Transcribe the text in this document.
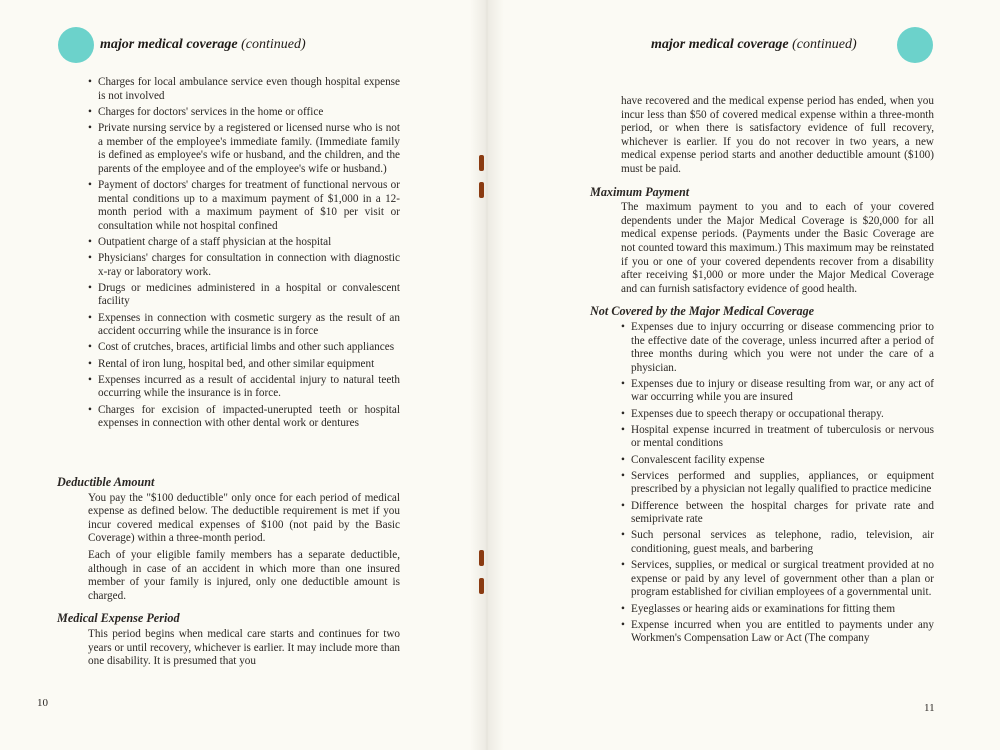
major medical coverage (continued)
• Charges for local ambulance service even though hospital expense is not involved
• Charges for doctors' services in the home or office
• Private nursing service by a registered or licensed nurse who is not a member of the employee's immediate family. (Immediate family is defined as employee's wife or husband, and the children, and the parents of the employee and of the employee's wife or husband.)
• Payment of doctors' charges for treatment of functional nervous or mental conditions up to a maximum payment of $1,000 in a 12-month period with a maximum payment of $10 per visit or consultation while not hospital confined
• Outpatient charge of a staff physician at the hospital
• Physicians' charges for consultation in connection with diagnostic x-ray or laboratory work.
• Drugs or medicines administered in a hospital or convalescent facility
• Expenses in connection with cosmetic surgery as the result of an accident occurring while the insurance is in force
• Cost of crutches, braces, artificial limbs and other such appliances
• Rental of iron lung, hospital bed, and other similar equipment
• Expenses incurred as a result of accidental injury to natural teeth occurring while the insurance is in force.
• Charges for excision of impacted-unerupted teeth or hospital expenses in connection with other dental work or dentures
Deductible Amount

You pay the "$100 deductible" only once for each period of medical expense as defined below. The deductible requirement is met if you incur covered medical expenses of $100 (not paid by the Basic Coverage) within a three-month period.

Each of your eligible family members has a separate deductible, although in case of an accident in which more than one insured member of your family is injured, only one deductible amount is charged.

Medical Expense Period

This period begins when medical care starts and continues for two years or until recovery, whichever is earlier. It may include more than one disability. It is presumed that you

10
major medical coverage (continued)

have recovered and the medical expense period has ended, when you incur less than $50 of covered medical expense within a three-month period, or when there is satisfactory evidence of full recovery, whichever is earlier. If you do not recover in two years, a new medical expense period starts and another deductible amount ($100) must be paid.

Maximum Payment

The maximum payment to you and to each of your covered dependents under the Major Medical Coverage is $20,000 for all medical expense periods. (Payments under the Basic Coverage are not counted toward this maximum.) This maximum may be reinstated if you or one of your covered dependents recover from a disability after receiving $1,000 or more under the Major Medical Coverage and can furnish satisfactory evidence of good health.

Not Covered by the Major Medical Coverage
• Expenses due to injury occurring or disease commencing prior to the effective date of the coverage, unless incurred after a period of three months during which you were not under the care of a physician.
• Expenses due to injury or disease resulting from war, or any act of war occurring while you are insured
• Expenses due to speech therapy or occupational therapy.
• Hospital expense incurred in treatment of tuberculosis or nervous or mental conditions
• Convalescent facility expense
• Services performed and supplies, appliances, or equipment prescribed by a physician not legally qualified to practice medicine
• Difference between the hospital charges for private rate and semiprivate rate
• Such personal services as telephone, radio, television, air conditioning, guest meals, and barbering
• Services, supplies, or medical or surgical treatment provided at no expense or paid by any level of government other than a plan or program established for civilian employees of a governmental unit.
• Eyeglasses or hearing aids or examinations for fitting them
• Expense incurred when you are entitled to payments under any Workmen's Compensation Law or Act (The company
11
